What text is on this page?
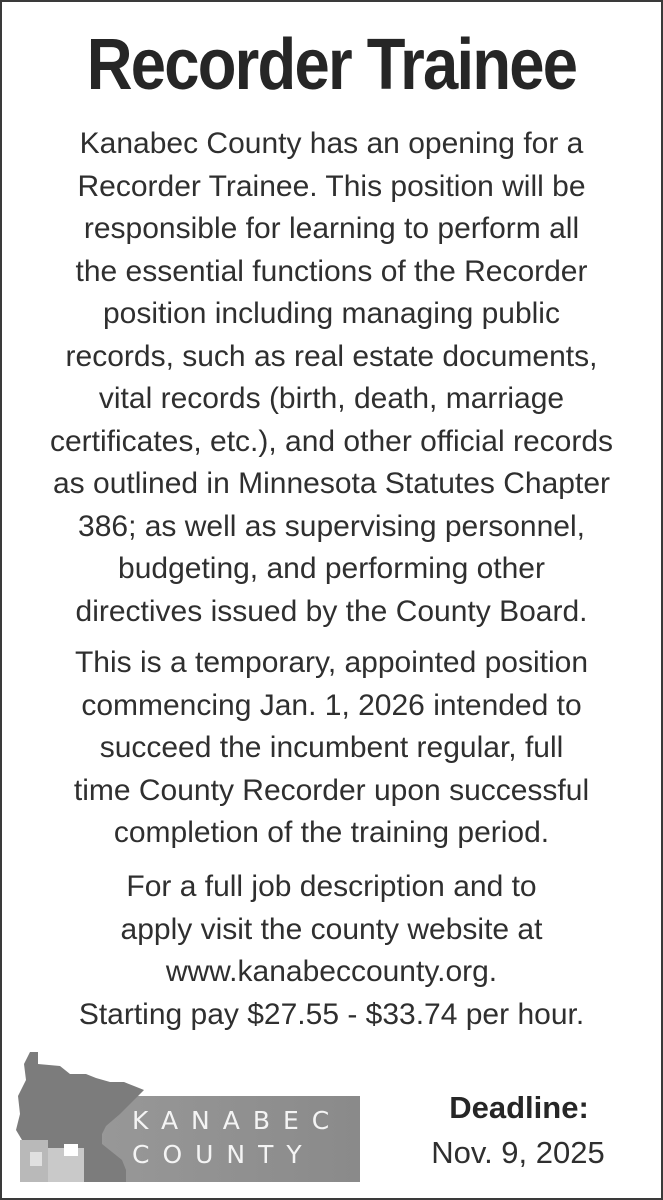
Recorder Trainee

Kanabec County has an opening for a
Recorder Trainee. This position will be
responsible for learning to perform all
the essential functions of the Recorder
position including managing public
records, such as real estate documents,
vital records (birth, death, marriage
certificates, etc.), and other official records
as outlined in Minnesota Statutes Chapter
386; as well as supervising personnel,
budgeting, and performing other
directives issued by the County Board.

This is a temporary, appointed position
commencing Jan. 1, 2026 intended to
succeed the incumbent regular, full
time County Recorder upon successful
completion of the training period.

For a full job description and to
apply visit the county website at
www.kanabeccounty.org.
Starting pay $27.55 - $33.74 per hour.

KANABEC
COUNTY
Deadline:
Nov. 9, 2025
